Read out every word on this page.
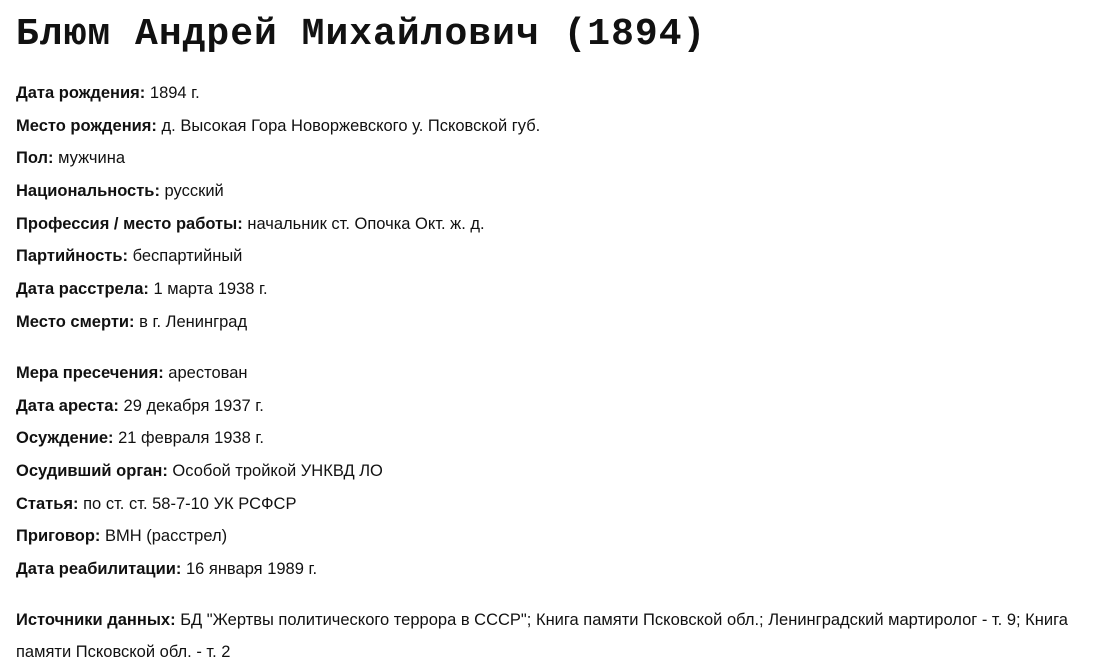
Блюм Андрей Михайлович (1894)
Дата рождения: 1894 г.
Место рождения: д. Высокая Гора Новоржевского у. Псковской губ.
Пол: мужчина
Национальность: русский
Профессия / место работы: начальник ст. Опочка Окт. ж. д.
Партийность: беспартийный
Дата расстрела: 1 марта 1938 г.
Место смерти: в г. Ленинград
Мера пресечения: арестован
Дата ареста: 29 декабря 1937 г.
Осуждение: 21 февраля 1938 г.
Осудивший орган: Особой тройкой УНКВД ЛО
Статья: по ст. ст. 58-7-10 УК РСФСР
Приговор: ВМН (расстрел)
Дата реабилитации: 16 января 1989 г.
Источники данных: БД "Жертвы политического террора в СССР"; Книга памяти Псковской обл.; Ленинградский мартиролог - т. 9; Книга памяти Псковской обл. - т. 2
